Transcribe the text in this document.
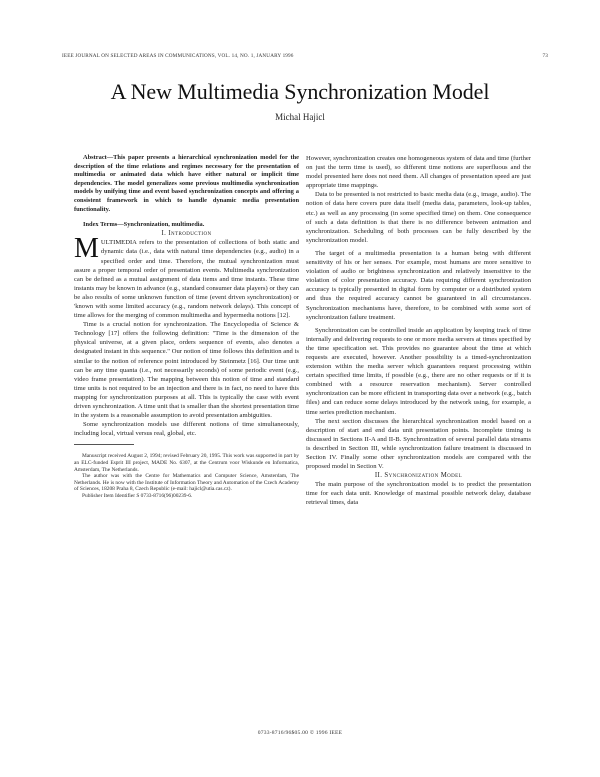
IEEE JOURNAL ON SELECTED AREAS IN COMMUNICATIONS, VOL. 14, NO. 1, JANUARY 1996	73
A New Multimedia Synchronization Model
Michal Hajicl

Abstract—This paper presents a hierarchical synchronization model for the description of the time relations and regimes necessary for the presentation of multimedia or animated data which have either natural or implicit time dependencies. The model generalizes some previous multimedia synchronization models by unifying time and event based synchronization concepts and offering a consistent framework in which to handle dynamic media presentation functionality.

Index Terms—Synchronization, multimedia.

I. Introduction

MULTIMEDIA refers to the presentation of collections of both static and dynamic data (i.e., data with natural time dependencies (e.g., audio) in a specified order and time. Therefore, the mutual synchronization must assure a proper temporal order of presentation events. Multimedia synchronization can be defined as a mutual assignment of data items and time instants. These time instants may be known in advance (e.g., standard consumer data players) or they can be also results of some unknown function of time (event driven synchronization) or 'known with some limited accuracy (e.g., random network delays). This concept of time allows for the merging of common multimedia and hypermedia notions [12].

Time is a crucial notion for synchronization. The Encyclopedia of Science & Technology [17] offers the following definition: "Time is the dimension of the physical universe, at a given place, orders sequence of events, also denotes a designated instant in this sequence." Our notion of time follows this definition and is similar to the notion of reference point introduced by Steinmetz [16]. Our time unit can be any time quanta (i.e., not necessarily seconds) of some periodic event (e.g., video frame presentation). The mapping between this notion of time and standard time units is not required to be an injection and there is in fact, no need to have this mapping for synchronization purposes at all. This is typically the case with event driven synchronization. A time unit that is smaller than the shortest presentation time in the system is a reasonable assumption to avoid presentation ambiguities.

Some synchronization models use different notions of time simultaneously, including local, virtual versus real, global, etc.

Manuscript received August 2, 1994; revised February 20, 1995. This work was supported in part by an ELC-funded Esprit III project, MADE No. 6307, at the Centrum voor Wiskunde en Informatica, Amsterdam, The Netherlands.

The author was with the Centre for Mathematics and Computer Science, Amsterdam, The Netherlands. He is now with the Institute of Information Theory and Automation of the Czech Academy of Sciences, 18208 Praha 8, Czech Republic (e-mail: hajicl@utia.cas.cz).

Publisher Item Identifier S 0733-8716(96)00239-6.

However, synchronization creates one homogeneous system of data and time (further on just the term time is used), so different time notions are superfluous and the model presented here does not need them. All changes of presentation speed are just appropriate time mappings.

Data to be presented is not restricted to basic media data (e.g., image, audio). The notion of data here covers pure data itself (media data, parameters, look-up tables, etc.) as well as any processing (in some specified time) on them. One consequence of such a data definition is that there is no difference between animation and synchronization. Scheduling of both processes can be fully described by the synchronization model.

The target of a multimedia presentation is a human being with different sensitivity of his or her senses. For example, most humans are more sensitive to violation of audio or brightness synchronization and relatively insensitive to the violation of color presentation accuracy. Data requiring different synchronization accuracy is typically presented in digital form by computer or a distributed system and thus the required accuracy cannot be guaranteed in all circumstances. Synchronization mechanisms have, therefore, to be combined with some sort of synchronization failure treatment.

Synchronization can be controlled inside an application by keeping track of time internally and delivering requests to one or more media servers at times specified by the time specification set. This provides no guarantee about the time at which requests are executed, however. Another possibility is a timed-synchronization extension within the media server which guarantees request processing within certain specified time limits, if possible (e.g., there are no other requests or if it is combined with a resource reservation mechanism). Server controlled synchronization can be more efficient in transporting data over a network (e.g., batch files) and can reduce some delays introduced by the network using, for example, a time series prediction mechanism.

The next section discusses the hierarchical synchronization model based on a description of start and end data unit presentation points. Incomplete timing is discussed in Sections II-A and II-B. Synchronization of several parallel data streams is described in Section III, while synchronization failure treatment is discussed in Section IV. Finally some other synchronization models are compared with the proposed model in Section V.

II. Synchronization Model

The main purpose of the synchronization model is to predict the presentation time for each data unit. Knowledge of maximal possible network delay, database retrieval times, data

0733-8716/96$05.00 © 1996 IEEE
